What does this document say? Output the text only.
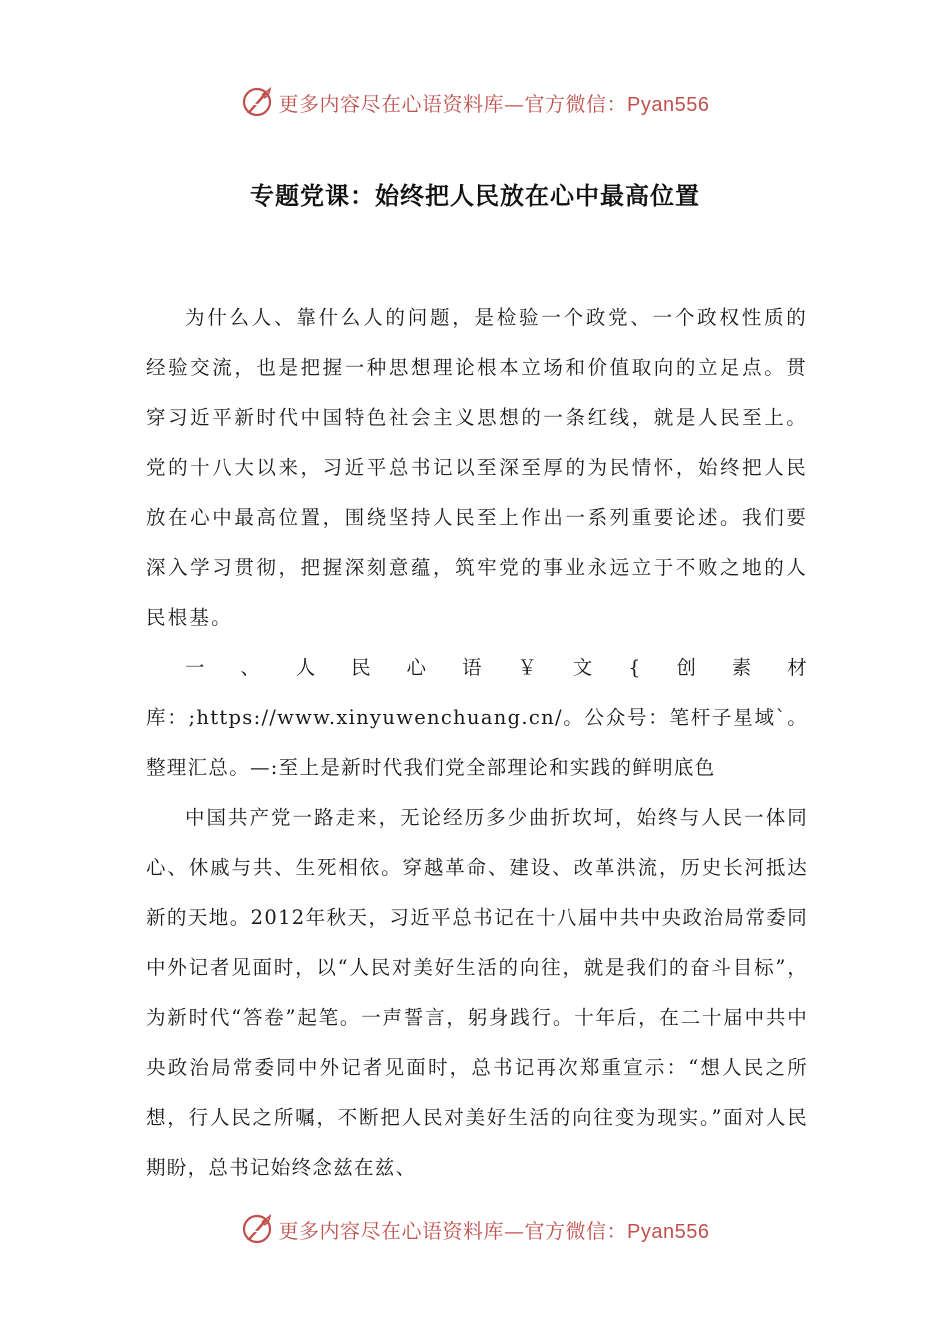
更多内容尽在心语资料库—官方微信：Pyan556
专题党课：始终把人民放在心中最高位置

为什么人、靠什么人的问题，是检验一个政党、一个政权性质的经验交流，也是把握一种思想理论根本立场和价值取向的立足点。贯穿习近平新时代中国特色社会主义思想的一条红线，就是人民至上。党的十八大以来，习近平总书记以至深至厚的为民情怀，始终把人民放在心中最高位置，围绕坚持人民至上作出一系列重要论述。我们要深入学习贯彻，把握深刻意蕴，筑牢党的事业永远立于不败之地的人民根基。

一、人民心语￥文{创素材库：;https://www.xinyuwenchuang.cn/。公众号：笔杆子星域`。整理汇总。—:至上是新时代我们党全部理论和实践的鲜明底色

中国共产党一路走来，无论经历多少曲折坎坷，始终与人民一体同心、休戚与共、生死相依。穿越革命、建设、改革洪流，历史长河抵达新的天地。2012年秋天，习近平总书记在十八届中共中央政治局常委同中外记者见面时，以“人民对美好生活的向往，就是我们的奋斗目标”，为新时代“答卷”起笔。一声誓言，躬身践行。十年后，在二十届中共中央政治局常委同中外记者见面时，总书记再次郑重宣示：“想人民之所想，行人民之所嘱，不断把人民对美好生活的向往变为现实。”面对人民期盼，总书记始终念兹在兹、

更多内容尽在心语资料库—官方微信：Pyan556
